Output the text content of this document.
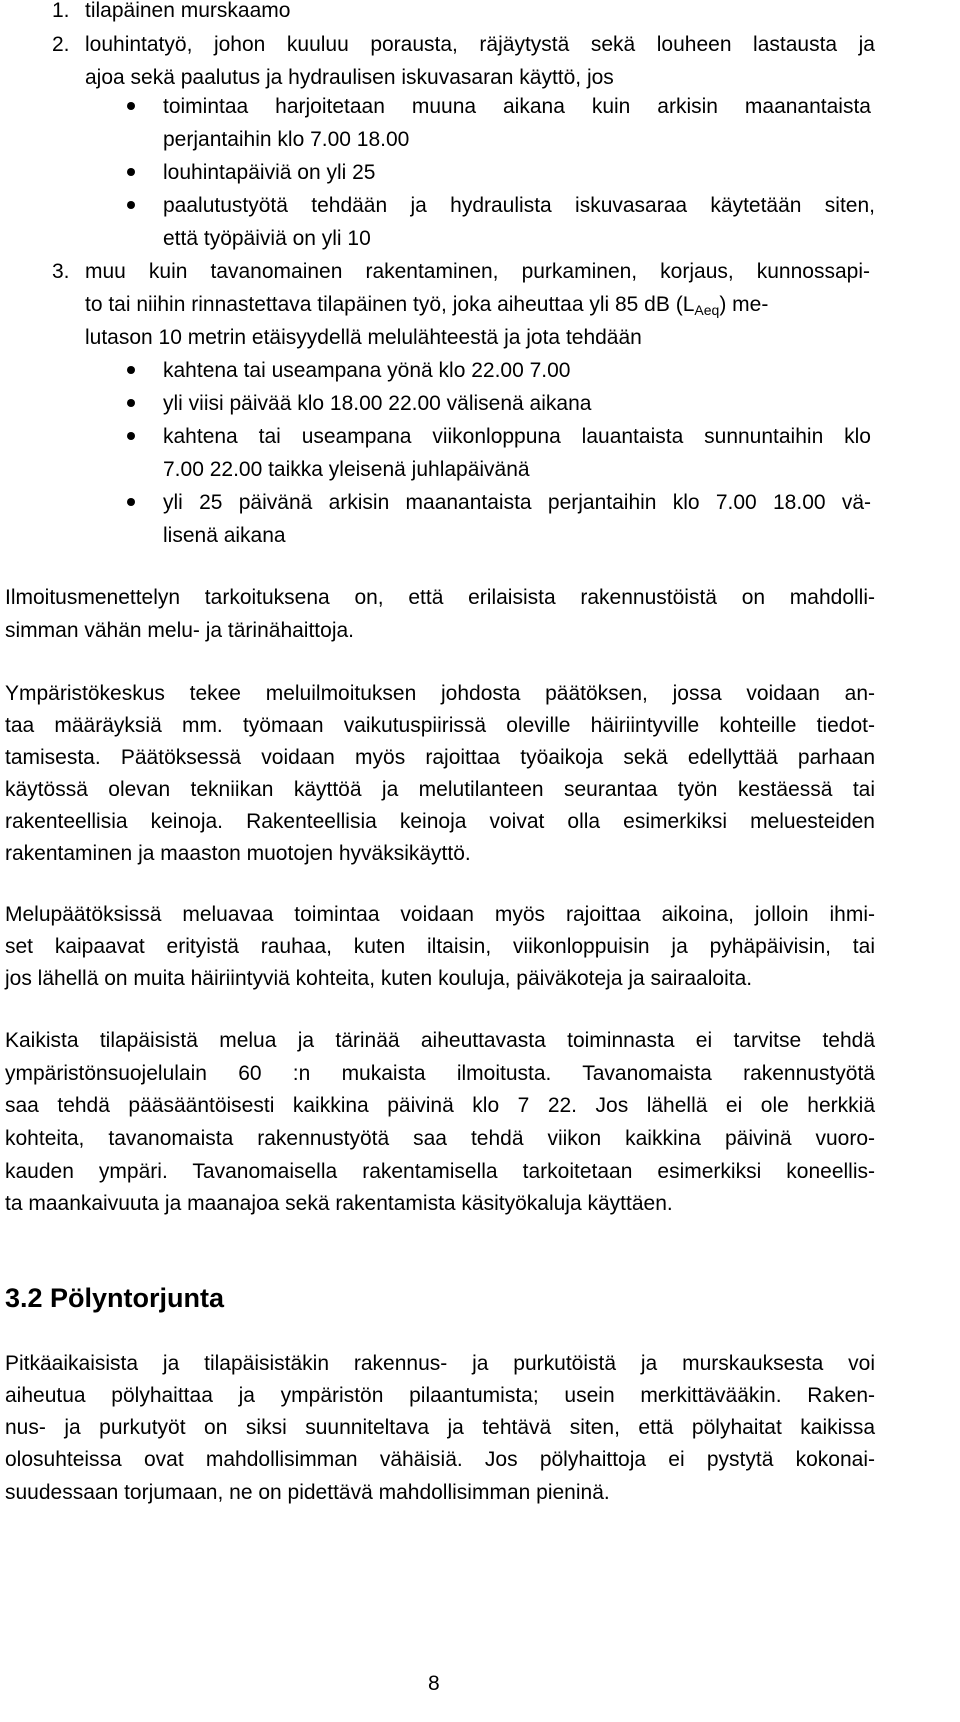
1. tilapäinen murskaamo
2. louhintatyö, johon kuuluu porausta, räjäytystä sekä louheen lastausta ja
ajoa sekä paalutus ja hydraulisen iskuvasaran käyttö, jos
toimintaa harjoitetaan muuna aikana kuin arkisin maanantaista
perjantaihin klo 7.00 18.00
louhintapäiviä on yli 25
paalutustyötä tehdään ja hydraulista iskuvasaraa käytetään siten,
että työpäiviä on yli 10
3. muu kuin tavanomainen rakentaminen, purkaminen, korjaus, kunnossapi-
to tai niihin rinnastettava tilapäinen työ, joka aiheuttaa yli 85 dB $(L_{Aeq})$ me-
lutason 10 metrin etäisyydellä melulähteestä ja jota tehdään
kahtena tai useampana yönä klo 22.00 7.00
yli viisi päivää klo 18.00 22.00 välisenä aikana
kahtena tai useampana viikonloppuna lauantaista sunnuntaihin klo
7.00 22.00 taikka yleisenä juhlapäivänä
yli 25 päivänä arkisin maanantaista perjantaihin klo 7.00 18.00 vä-
lisenä aikana
Ilmoitusmenettelyn tarkoituksena on, että erilaisista rakennustöistä on mahdolli-
simman vähän melu- ja tärinähaittoja.
Ympäristökeskus tekee meluilmoituksen johdosta päätöksen, jossa voidaan an-
taa määräyksiä mm. työmaan vaikutuspiirissä oleville häiriintyville kohteille tiedot-
tamisesta. Päätöksessä voidaan myös rajoittaa työaikoja sekä edellyttää parhaan
käytössä olevan tekniikan käyttöä ja melutilanteen seurantaa työn kestäessä tai
rakenteellisia keinoja. Rakenteellisia keinoja voivat olla esimerkiksi meluesteiden
rakentaminen ja maaston muotojen hyväksikäyttö.
Melupäätöksissä meluavaa toimintaa voidaan myös rajoittaa aikoina, jolloin ihmi-
set kaipaavat erityistä rauhaa, kuten iltaisin, viikonloppuisin ja pyhäpäivisin, tai
jos lähellä on muita häiriintyviä kohteita, kuten kouluja, päiväkoteja ja sairaaloita.
Kaikista tilapäisistä melua ja tärinää aiheuttavasta toiminnasta ei tarvitse tehdä
ympäristönsuojelulain 60 :n mukaista ilmoitusta. Tavanomaista rakennustyötä
saa tehdä pääsääntöisesti kaikkina päivinä klo 7 22. Jos lähellä ei ole herkkiä
kohteita, tavanomaista rakennustyötä saa tehdä viikon kaikkina päivinä vuoro-
kauden ympäri. Tavanomaisella rakentamisella tarkoitetaan esimerkiksi koneellis-
ta maankaivuuta ja maanajoa sekä rakentamista käsityökaluja käyttäen.
3.2 Pölyntorjunta
Pitkäaikaisista ja tilapäisistäkin rakennus- ja purkutöistä ja murskauksesta voi
aiheutua pölyhaittaa ja ympäristön pilaantumista; usein merkittävääkin. Raken-
nus- ja purkutyöt on siksi suunniteltava ja tehtävä siten, että pölyhaitat kaikissa
olosuhteissa ovat mahdollisimman vähäisiä. Jos pölyhaittoja ei pystytä kokonai-
suudessaan torjumaan, ne on pidettävä mahdollisimman pieninä.
8
